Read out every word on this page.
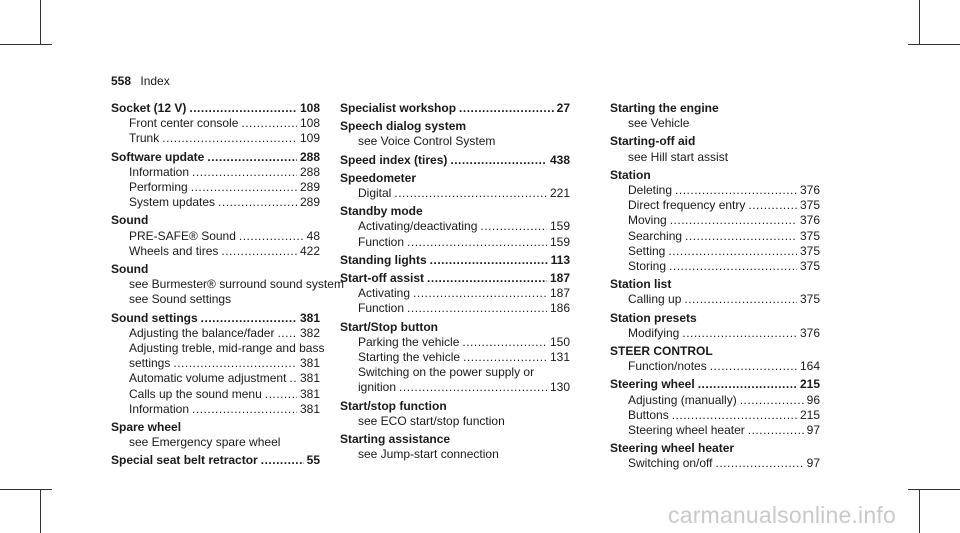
558 Index
Socket (12 V) .....	108
Front center console .....	108
Trunk .....	109
Software update .....	288
Information .....	288
Performing .....	289
System updates .....	289
Sound
PRE-SAFE® Sound .....	48
Wheels and tires .....	422
Sound
see Burmester® surround sound system
see Sound settings
Sound settings .....	381
Adjusting the balance/fader ..... 382
Adjusting treble, mid-range and bass
settings .....	381
Automatic volume adjustment ..... 381
Calls up the sound menu .....	381
Information .....	381
Spare wheel
see Emergency spare wheel
Special seat belt retractor .....	55
Specialist workshop .....	27
Speech dialog system
see Voice Control System
Speed index (tires) .....	438
Speedometer
Digital .....	221
Standby mode
Activating/deactivating .....	159
Function .....	159
Standing lights .....	113
Start-off assist .....	187
Activating .....	187
Function .....	186
Start/Stop button
Parking the vehicle .....	150
Starting the vehicle .....	131
Switching on the power supply or
ignition .....	130
Start/stop function
see ECO start/stop function
Starting assistance
see Jump-start connection
Starting the engine
see Vehicle
Starting-off aid
see Hill start assist
Station
Deleting .....	376
Direct frequency entry .....	375
Moving .....	376
Searching .....	375
Setting .....	375
Storing .....	375
Station list
Calling up .....	375
Station presets
Modifying .....	376
STEER CONTROL
Function/notes .....	164
Steering wheel .....	215
Adjusting (manually) .....	96
Buttons .....	215
Steering wheel heater .....	97
Steering wheel heater
Switching on/off .....	97
carmanualsonline.info
